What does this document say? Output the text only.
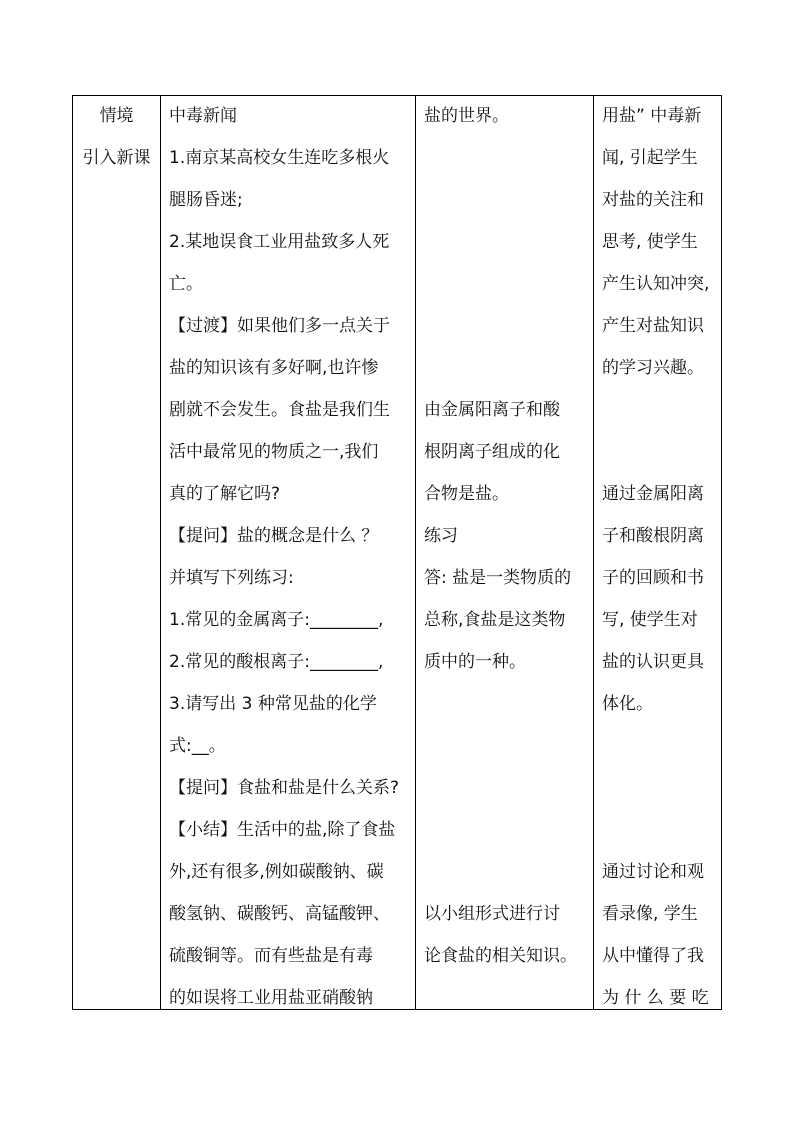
情境
引入新课
中毒新闻
1.南京某高校女生连吃多根火
腿肠昏迷;
2.某地误食工业用盐致多人死
亡。
【过渡】如果他们多一点关于
盐的知识该有多好啊,也许惨
剧就不会发生。食盐是我们生
活中最常见的物质之一,我们
真的了解它吗?
【提问】盐的概念是什么 ？
并填写下列练习:
1.常见的金属离子:________,
2.常见的酸根离子:________,
3.请写出 3 种常见盐的化学
式:__。
【提问】食盐和盐是什么关系?
【小结】生活中的盐,除了食盐
外,还有很多,例如碳酸钠、碳
酸氢钠、碳酸钙、高锰酸钾、
硫酸铜等。而有些盐是有毒
的如误将工业用盐亚硝酸钠
盐的世界。
由金属阳离子和酸
根阴离子组成的化
合物是盐。
练习
答: 盐是一类物质的
总称,食盐是这类物
质中的一种。
以小组形式进行讨
论食盐的相关知识。
用盐” 中毒新
闻, 引起学生
对盐的关注和
思考, 使学生
产生认知冲突,
产生对盐知识
的学习兴趣。
通过金属阳离
子和酸根阴离
子的回顾和书
写, 使学生对
盐的认识更具
体化。
通过讨论和观
看录像, 学生
从中懂得了我
为 什 么 要 吃
